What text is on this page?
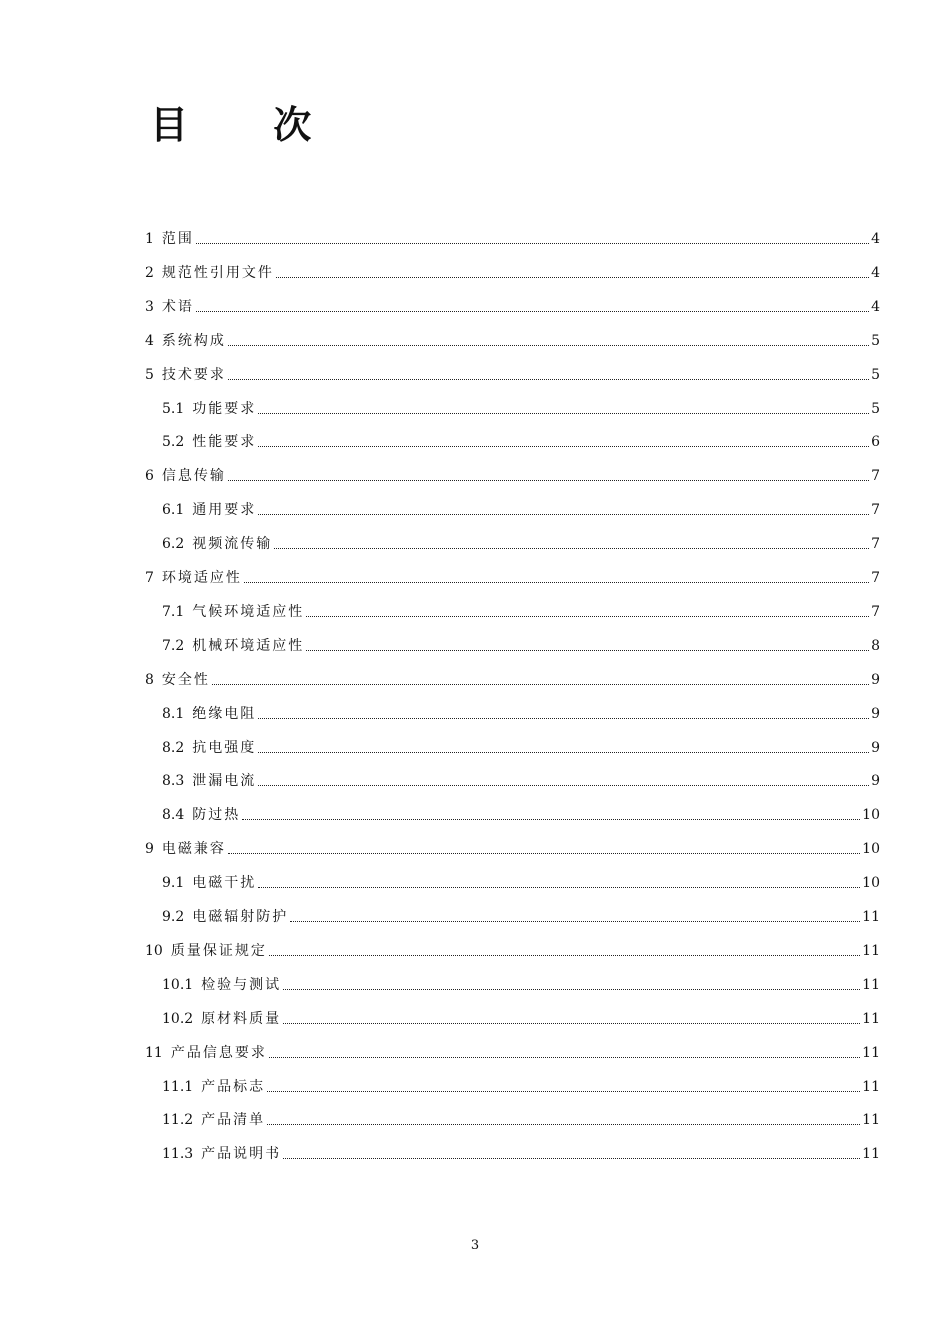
目 次
1 范围	4
2 规范性引用文件	4
3 术语	4
4 系统构成	5
5 技术要求	5
5.1 功能要求	5
5.2 性能要求	6
6 信息传输	7
6.1 通用要求	7
6.2 视频流传输	7
7 环境适应性	7
7.1 气候环境适应性	7
7.2 机械环境适应性	8
8 安全性	9
8.1 绝缘电阻	9
8.2 抗电强度	9
8.3 泄漏电流	9
8.4 防过热	10
9 电磁兼容	10
9.1 电磁干扰	10
9.2 电磁辐射防护	11
10 质量保证规定	11
10.1 检验与测试	11
10.2 原材料质量	11
11 产品信息要求	11
11.1 产品标志	11
11.2 产品清单	11
11.3 产品说明书	11
3
